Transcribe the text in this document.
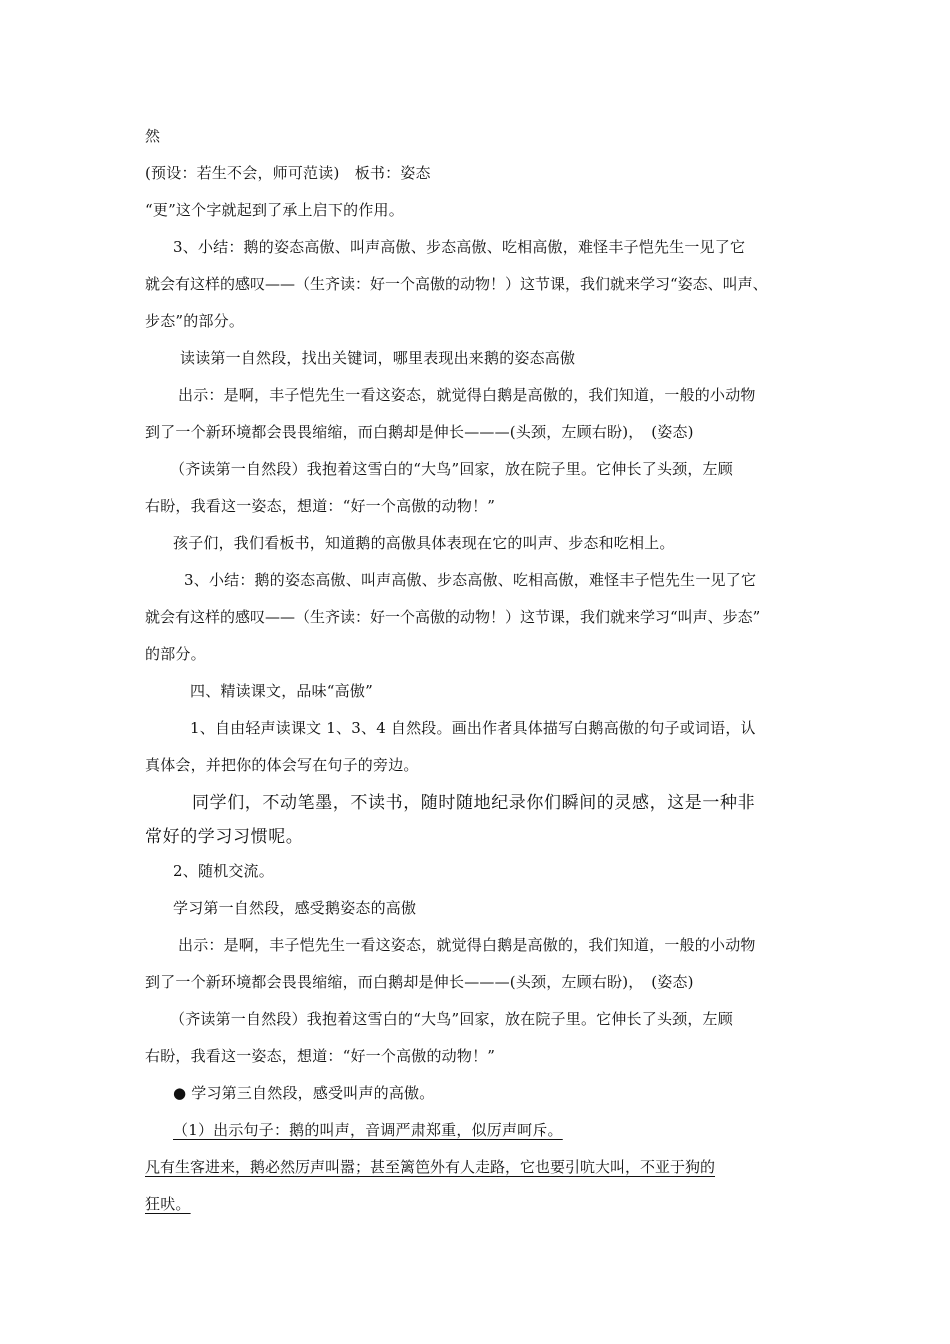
然
(预设：若生不会，师可范读)　板书：姿态
“更”这个字就起到了承上启下的作用。
3、小结：鹅的姿态高傲、叫声高傲、步态高傲、吃相高傲，难怪丰子恺先生一见了它
就会有这样的感叹——（生齐读：好一个高傲的动物！）这节课，我们就来学习“姿态、叫声、
步态”的部分。
读读第一自然段，找出关键词，哪里表现出来鹅的姿态高傲
出示：是啊，丰子恺先生一看这姿态，就觉得白鹅是高傲的，我们知道，一般的小动物
到了一个新环境都会畏畏缩缩，而白鹅却是伸长———(头颈，左顾右盼)，　(姿态)
（齐读第一自然段）我抱着这雪白的“大鸟”回家，放在院子里。它伸长了头颈，左顾
右盼，我看这一姿态，想道：“好一个高傲的动物！”
孩子们，我们看板书，知道鹅的高傲具体表现在它的叫声、步态和吃相上。
3、小结：鹅的姿态高傲、叫声高傲、步态高傲、吃相高傲，难怪丰子恺先生一见了它
就会有这样的感叹——（生齐读：好一个高傲的动物！）这节课，我们就来学习“叫声、步态”
的部分。
四、精读课文，品味“高傲”
1、自由轻声读课文 1、3、4 自然段。画出作者具体描写白鹅高傲的句子或词语，认
真体会，并把你的体会写在句子的旁边。
同学们，不动笔墨，不读书，随时随地纪录你们瞬间的灵感，这是一种非
常好的学习习惯呢。
2、随机交流。
学习第一自然段，感受鹅姿态的高傲
出示：是啊，丰子恺先生一看这姿态，就觉得白鹅是高傲的，我们知道，一般的小动物
到了一个新环境都会畏畏缩缩，而白鹅却是伸长———(头颈，左顾右盼)，　(姿态)
（齐读第一自然段）我抱着这雪白的“大鸟”回家，放在院子里。它伸长了头颈，左顾
右盼，我看这一姿态，想道：“好一个高傲的动物！”
● 学习第三自然段，感受叫声的高傲。
（1）出示句子：鹅的叫声，音调严肃郑重，似厉声呵斥。
凡有生客进来，鹅必然厉声叫嚣；甚至篱笆外有人走路，它也要引吭大叫，不亚于狗的
狂吠。
